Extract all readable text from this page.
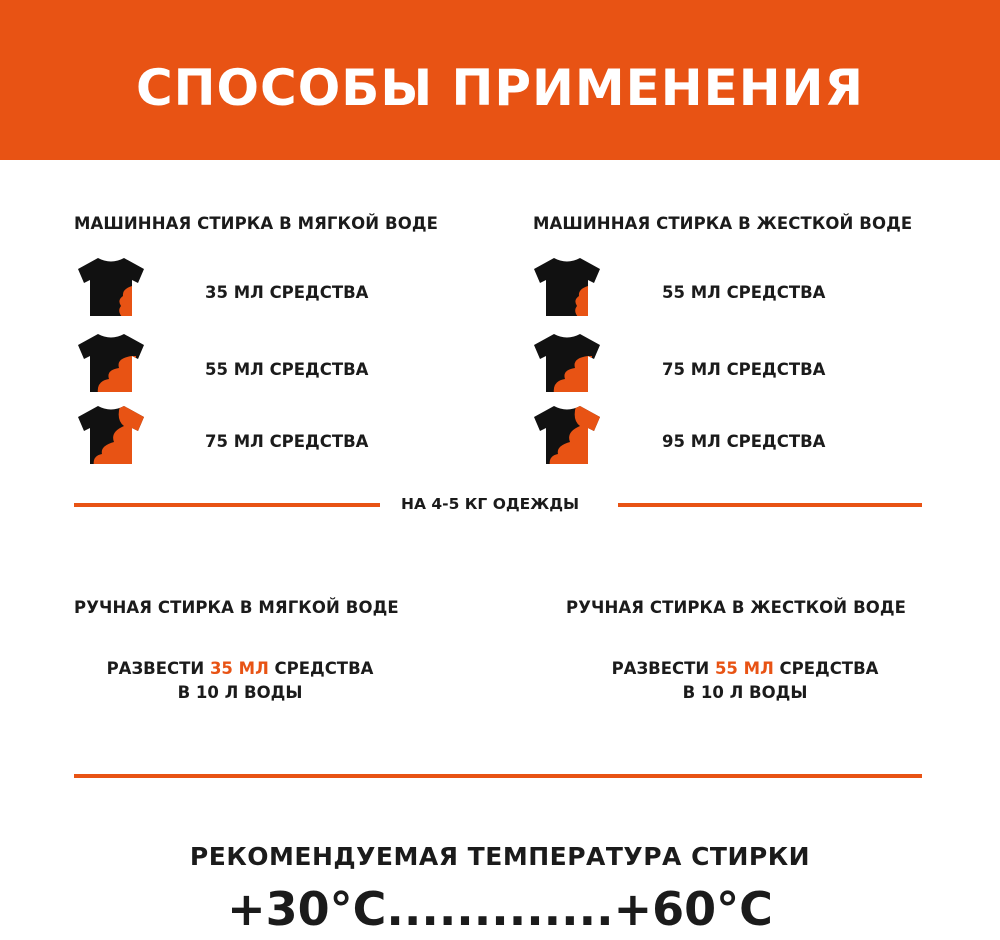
СПОСОБЫ ПРИМЕНЕНИЯ
МАШИННАЯ СТИРКА В МЯГКОЙ ВОДЕ
35 МЛ СРЕДСТВА
55 МЛ СРЕДСТВА
75 МЛ СРЕДСТВА
МАШИННАЯ СТИРКА В ЖЕСТКОЙ ВОДЕ
55 МЛ СРЕДСТВА
75 МЛ СРЕДСТВА
95 МЛ СРЕДСТВА
НА 4-5 КГ ОДЕЖДЫ
РУЧНАЯ СТИРКА В МЯГКОЙ ВОДЕ	РУЧНАЯ СТИРКА В ЖЕСТКОЙ ВОДЕ
РАЗВЕСТИ 35 МЛ СРЕДСТВА
В 10 Л ВОДЫ
РАЗВЕСТИ 55 МЛ СРЕДСТВА
В 10 Л ВОДЫ
РЕКОМЕНДУЕМАЯ ТЕМПЕРАТУРА СТИРКИ
+30°С.............+60°С
